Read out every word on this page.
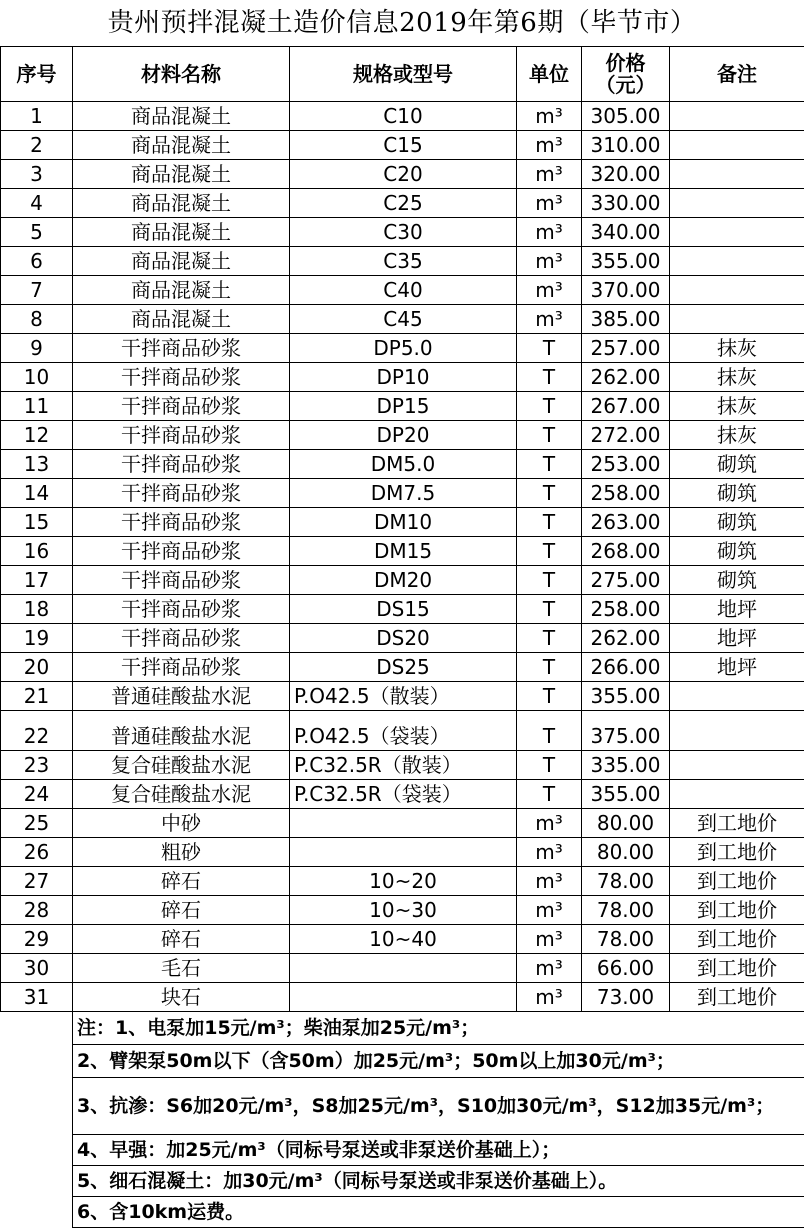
贵州预拌混凝土造价信息2019年第6期（毕节市）
序号	材料名称	规格或型号	单位	价格（元）	备注
1	商品混凝土	C10	m³	305.00	
2	商品混凝土	C15	m³	310.00	
3	商品混凝土	C20	m³	320.00	
4	商品混凝土	C25	m³	330.00	
5	商品混凝土	C30	m³	340.00	
6	商品混凝土	C35	m³	355.00	
7	商品混凝土	C40	m³	370.00	
8	商品混凝土	C45	m³	385.00	
9	干拌商品砂浆	DP5.0	T	257.00	抹灰
10	干拌商品砂浆	DP10	T	262.00	抹灰
11	干拌商品砂浆	DP15	T	267.00	抹灰
12	干拌商品砂浆	DP20	T	272.00	抹灰
13	干拌商品砂浆	DM5.0	T	253.00	砌筑
14	干拌商品砂浆	DM7.5	T	258.00	砌筑
15	干拌商品砂浆	DM10	T	263.00	砌筑
16	干拌商品砂浆	DM15	T	268.00	砌筑
17	干拌商品砂浆	DM20	T	275.00	砌筑
18	干拌商品砂浆	DS15	T	258.00	地坪
19	干拌商品砂浆	DS20	T	262.00	地坪
20	干拌商品砂浆	DS25	T	266.00	地坪
21	普通硅酸盐水泥	P.O42.5（散装）	T	355.00	
22	普通硅酸盐水泥	P.O42.5（袋装）	T	375.00	
23	复合硅酸盐水泥	P.C32.5R（散装）	T	335.00	
24	复合硅酸盐水泥	P.C32.5R（袋装）	T	355.00	
25	中砂		m³	80.00	到工地价
26	粗砂		m³	80.00	到工地价
27	碎石	10~20	m³	78.00	到工地价
28	碎石	10~30	m³	78.00	到工地价
29	碎石	10~40	m³	78.00	到工地价
30	毛石		m³	66.00	到工地价
31	块石		m³	73.00	到工地价
	注：1、电泵加15元/m³；柴油泵加25元/m³；				
	2、臂架泵50m以下（含50m）加25元/m³；50m以上加30元/m³；				
	3、抗渗：S6加20元/m³，S8加25元/m³，S10加30元/m³，S12加35元/m³；				
	4、早强：加25元/m³（同标号泵送或非泵送价基础上）；				
	5、细石混凝土：加30元/m³（同标号泵送或非泵送价基础上）。				
	6、含10km运费。				
